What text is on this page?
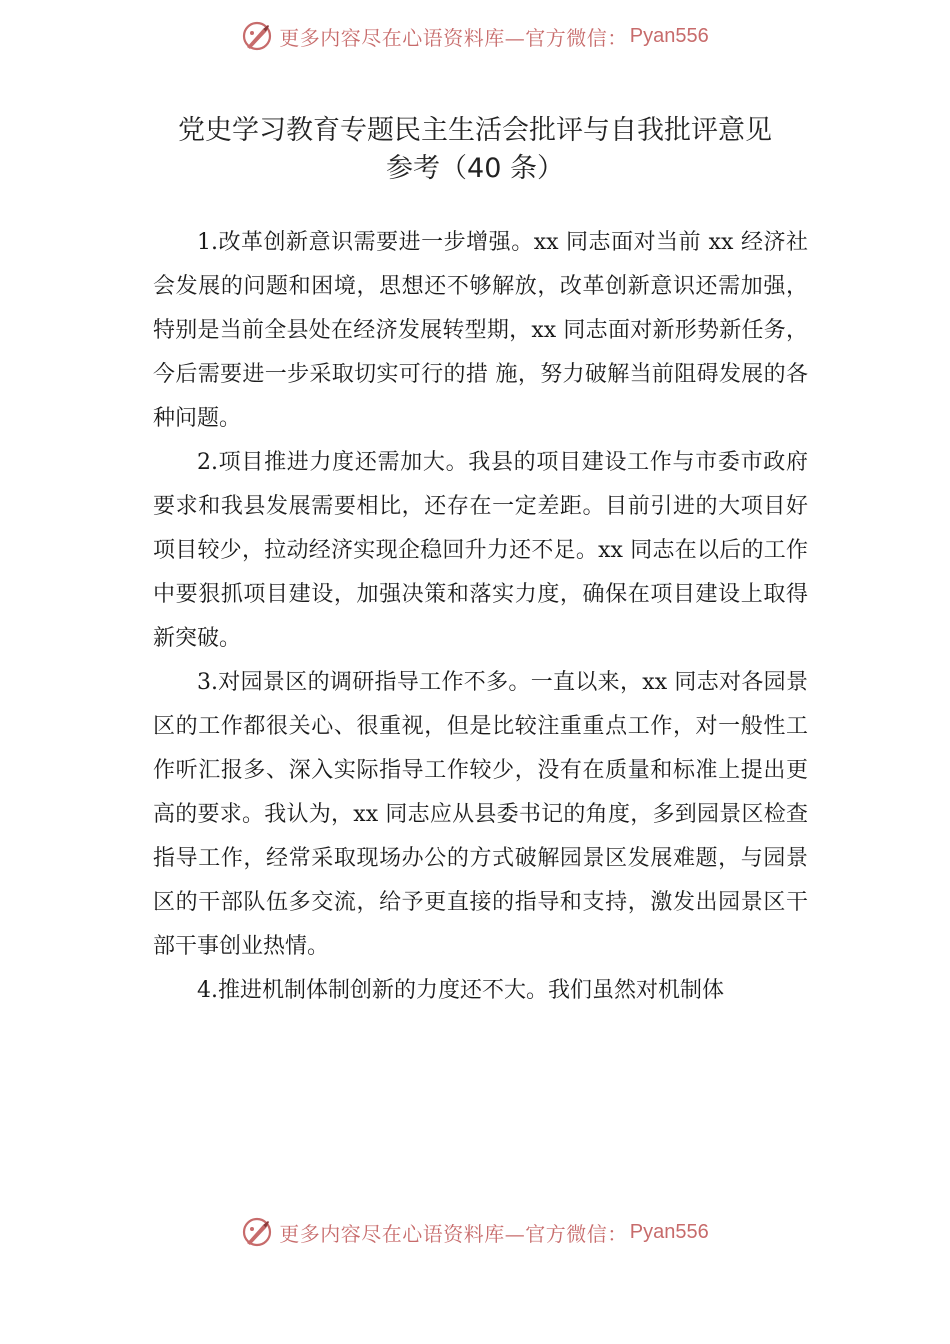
更多内容尽在心语资料库—官方微信： Pyan556
党史学习教育专题民主生活会批评与自我批评意见
参考（40 条）

1.改革创新意识需要进一步增强。xx 同志面对当前 xx 经济社会发展的问题和困境，思想还不够解放，改革创新意识还需加强，特别是当前全县处在经济发展转型期，xx 同志面对新形势新任务，今后需要进一步采取切实可行的措 施，努力破解当前阻碍发展的各种问题。

2.项目推进力度还需加大。我县的项目建设工作与市委市政府要求和我县发展需要相比，还存在一定差距。目前引进的大项目好项目较少，拉动经济实现企稳回升力还不足。xx 同志在以后的工作中要狠抓项目建设，加强决策和落实力度，确保在项目建设上取得新突破。

3.对园景区的调研指导工作不多。一直以来，xx 同志对各园景区的工作都很关心、很重视，但是比较注重重点工作，对一般性工作听汇报多、深入实际指导工作较少，没有在质量和标准上提出更高的要求。我认为，xx 同志应从县委书记的角度，多到园景区检查指导工作，经常采取现场办公的方式破解园景区发展难题，与园景区的干部队伍多交流，给予更直接的指导和支持，激发出园景区干部干事创业热情。

4.推进机制体制创新的力度还不大。我们虽然对机制体

更多内容尽在心语资料库—官方微信： Pyan556
